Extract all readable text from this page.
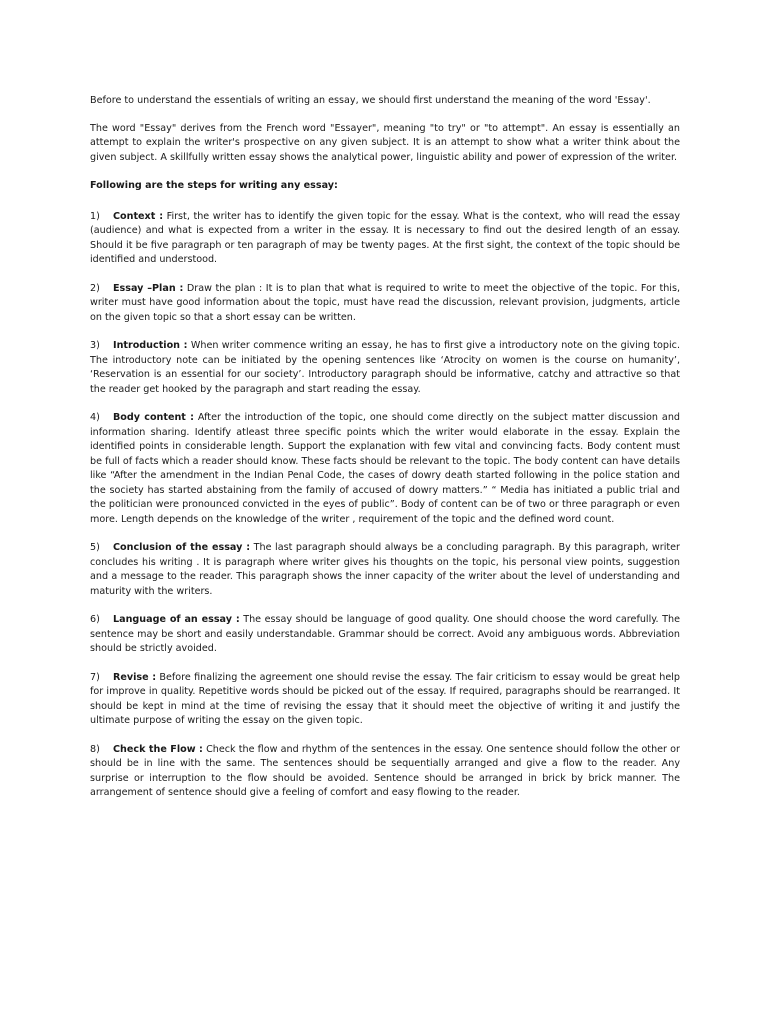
Before to understand the essentials of writing an essay, we should first understand the meaning of the word 'Essay'.

The word "Essay" derives from the French word "Essayer", meaning "to try" or "to attempt". An essay is essentially an attempt to explain the writer's prospective on any given subject. It is an attempt to show what a writer think about the given subject. A skillfully written essay shows the analytical power, linguistic ability and power of expression of the writer.

Following are the steps for writing any essay:

1) Context : First, the writer has to identify the given topic for the essay. What is the context, who will read the essay (audience) and what is expected from a writer in the essay. It is necessary to find out the desired length of an essay. Should it be five paragraph or ten paragraph of may be twenty pages. At the first sight, the context of the topic should be identified and understood.

2) Essay –Plan : Draw the plan : It is to plan that what is required to write to meet the objective of the topic. For this, writer must have good information about the topic, must have read the discussion, relevant provision, judgments, article on the given topic so that a short essay can be written.

3) Introduction : When writer commence writing an essay, he has to first give a introductory note on the giving topic. The introductory note can be initiated by the opening sentences like ‘Atrocity on women is the course on humanity’, ‘Reservation is an essential for our society’. Introductory paragraph should be informative, catchy and attractive so that the reader get hooked by the paragraph and start reading the essay.

4) Body content : After the introduction of the topic, one should come directly on the subject matter discussion and information sharing. Identify atleast three specific points which the writer would elaborate in the essay. Explain the identified points in considerable length. Support the explanation with few vital and convincing facts. Body content must be full of facts which a reader should know. These facts should be relevant to the topic. The body content can have details like “After the amendment in the Indian Penal Code, the cases of dowry death started following in the police station and the society has started abstaining from the family of accused of dowry matters.” “ Media has initiated a public trial and the politician were pronounced convicted in the eyes of public”. Body of content can be of two or three paragraph or even more. Length depends on the knowledge of the writer , requirement of the topic and the defined word count.

5) Conclusion of the essay : The last paragraph should always be a concluding paragraph. By this paragraph, writer concludes his writing . It is paragraph where writer gives his thoughts on the topic, his personal view points, suggestion and a message to the reader. This paragraph shows the inner capacity of the writer about the level of understanding and maturity with the writers.

6) Language of an essay : The essay should be language of good quality. One should choose the word carefully. The sentence may be short and easily understandable. Grammar should be correct. Avoid any ambiguous words. Abbreviation should be strictly avoided.

7) Revise : Before finalizing the agreement one should revise the essay. The fair criticism to essay would be great help for improve in quality. Repetitive words should be picked out of the essay. If required, paragraphs should be rearranged. It should be kept in mind at the time of revising the essay that it should meet the objective of writing it and justify the ultimate purpose of writing the essay on the given topic.

8) Check the Flow : Check the flow and rhythm of the sentences in the essay. One sentence should follow the other or should be in line with the same. The sentences should be sequentially arranged and give a flow to the reader. Any surprise or interruption to the flow should be avoided. Sentence should be arranged in brick by brick manner. The arrangement of sentence should give a feeling of comfort and easy flowing to the reader.
